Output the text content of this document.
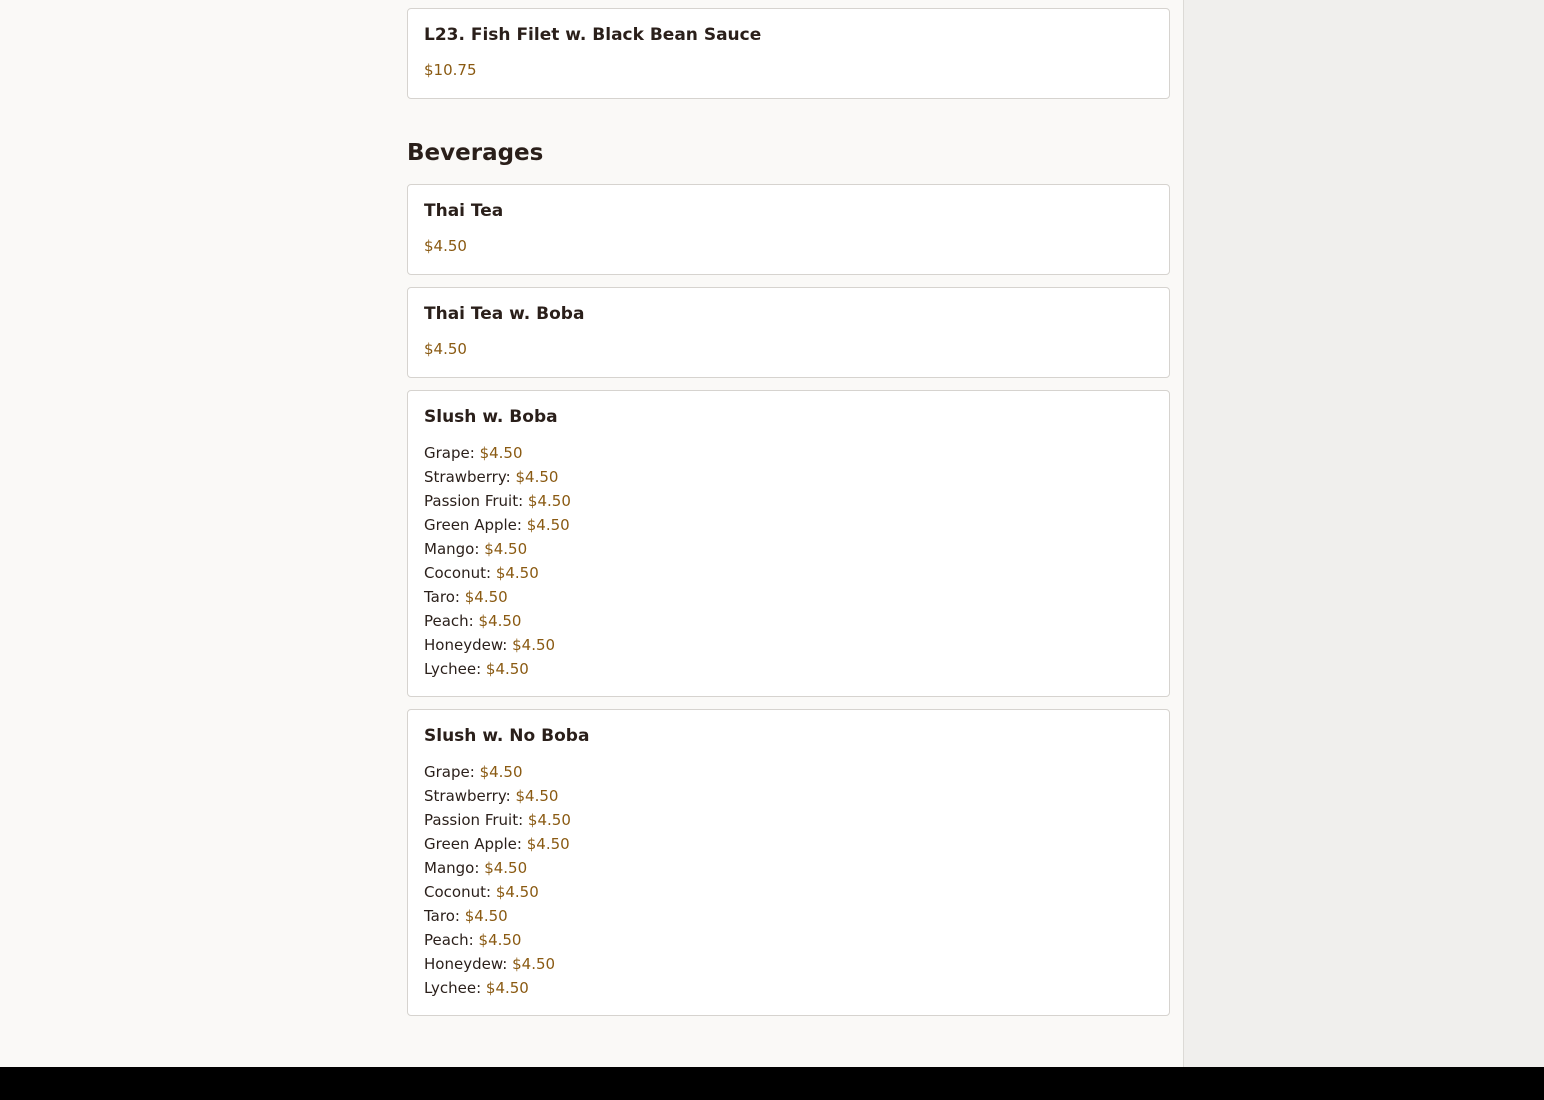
L23. Fish Filet w. Black Bean Sauce
$10.75
Beverages
Thai Tea
$4.50
Thai Tea w. Boba
$4.50
Slush w. Boba
Grape: $4.50
Strawberry: $4.50
Passion Fruit: $4.50
Green Apple: $4.50
Mango: $4.50
Coconut: $4.50
Taro: $4.50
Peach: $4.50
Honeydew: $4.50
Lychee: $4.50
Slush w. No Boba
Grape: $4.50
Strawberry: $4.50
Passion Fruit: $4.50
Green Apple: $4.50
Mango: $4.50
Coconut: $4.50
Taro: $4.50
Peach: $4.50
Honeydew: $4.50
Lychee: $4.50
